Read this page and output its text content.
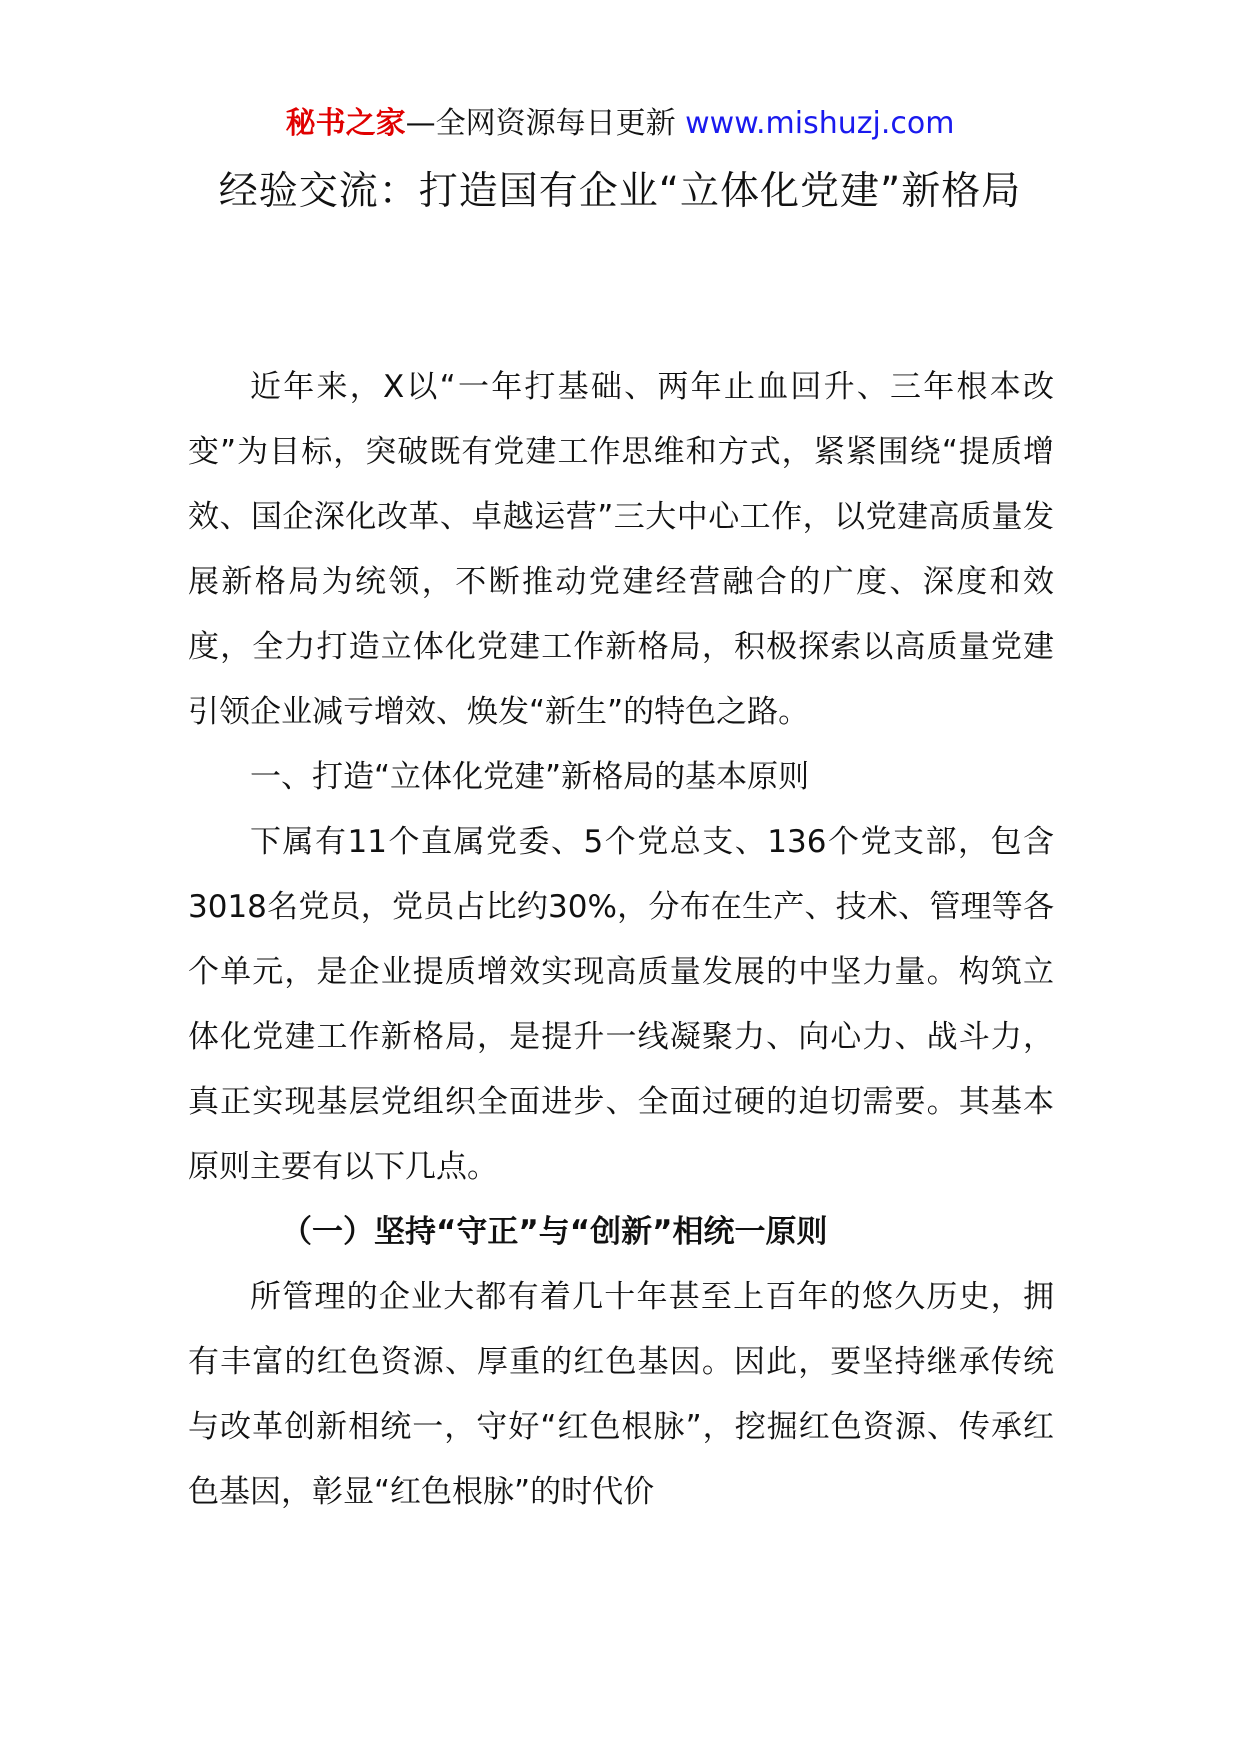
秘书之家—全网资源每日更新 www.mishuzj.com
经验交流：打造国有企业“立体化党建”新格局

近年来，X以“一年打基础、两年止血回升、三年根本改变”为目标，突破既有党建工作思维和方式，紧紧围绕“提质增效、国企深化改革、卓越运营”三大中心工作，以党建高质量发展新格局为统领，不断推动党建经营融合的广度、深度和效度，全力打造立体化党建工作新格局，积极探索以高质量党建引领企业减亏增效、焕发“新生”的特色之路。

一、打造“立体化党建”新格局的基本原则

下属有11个直属党委、5个党总支、136个党支部，包含3018名党员，党员占比约30%，分布在生产、技术、管理等各个单元，是企业提质增效实现高质量发展的中坚力量。构筑立体化党建工作新格局，是提升一线凝聚力、向心力、战斗力，真正实现基层党组织全面进步、全面过硬的迫切需要。其基本原则主要有以下几点。

（一）坚持“守正”与“创新”相统一原则

所管理的企业大都有着几十年甚至上百年的悠久历史，拥有丰富的红色资源、厚重的红色基因。因此，要坚持继承传统与改革创新相统一，守好“红色根脉”，挖掘红色资源、传承红色基因，彰显“红色根脉”的时代价
